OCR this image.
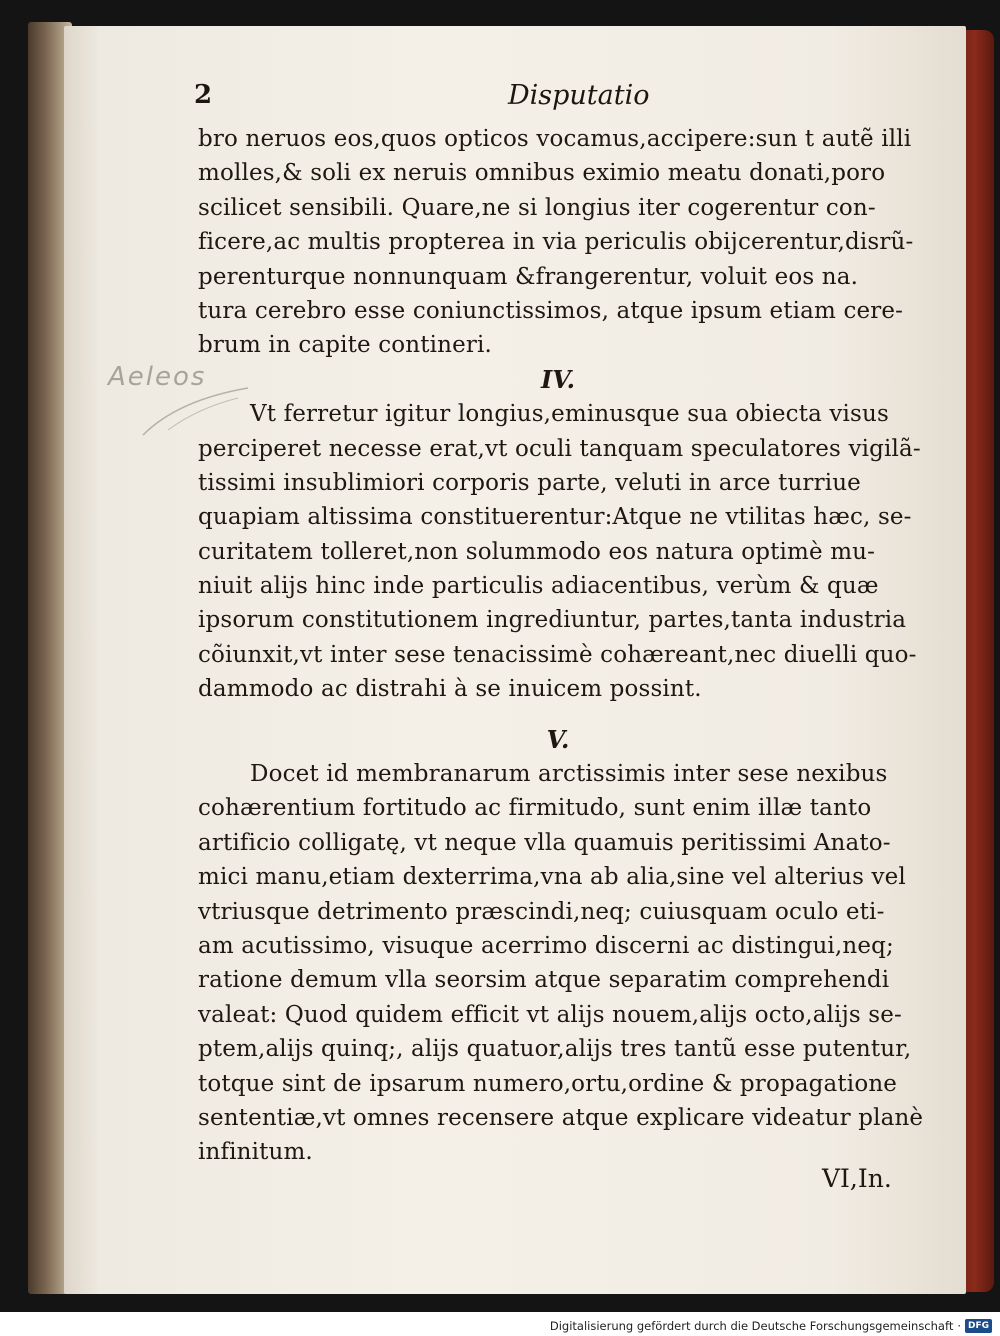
2	Disputatio
Aeleos
bro neruos eos,quos opticos vocamus,accipere:sun t autẽ illi
molles,& soli ex neruis omnibus eximio meatu donati,poro
scilicet sensibili. Quare,ne si longius iter cogerentur con-
ficere,ac multis propterea in via periculis obijcerentur,disrũ-
perenturque nonnunquam &frangerentur, voluit eos na.
tura cerebro esse coniunctissimos, atque ipsum etiam cere-
brum in capite contineri.
IV.
Vt ferretur igitur longius,eminusque sua obiecta visus
perciperet necesse erat,vt oculi tanquam speculatores vigilã-
tissimi insublimiori corporis parte, veluti in arce turriue
quapiam altissima constituerentur:Atque ne vtilitas hæc, se-
curitatem tolleret,non solummodo eos natura optimè mu-
niuit alijs hinc inde particulis adiacentibus, verùm & quæ
ipsorum constitutionem ingrediuntur, partes,tanta industria
cõiunxit,vt inter sese tenacissimè cohæreant,nec diuelli quo-
dammodo ac distrahi à se inuicem possint.
V.
Docet id membranarum arctissimis inter sese nexibus
cohærentium fortitudo ac firmitudo, sunt enim illæ tanto
artificio colligatę, vt neque vlla quamuis peritissimi Anato-
mici manu,etiam dexterrima,vna ab alia,sine vel alterius vel
vtriusque detrimento præscindi,neq; cuiusquam oculo eti-
am acutissimo, visuque acerrimo discerni ac distingui,neq;
ratione demum vlla seorsim atque separatim comprehendi
valeat: Quod quidem efficit vt alijs nouem,alijs octo,alijs se-
ptem,alijs quinq;, alijs quatuor,alijs tres tantũ esse putentur,
totque sint de ipsarum numero,ortu,ordine & propagatione
sententiæ,vt omnes recensere atque explicare videatur planè
infinitum.
VI,In.
Digitalisierung gefördert durch die Deutsche Forschungsgemeinschaft · DFG
